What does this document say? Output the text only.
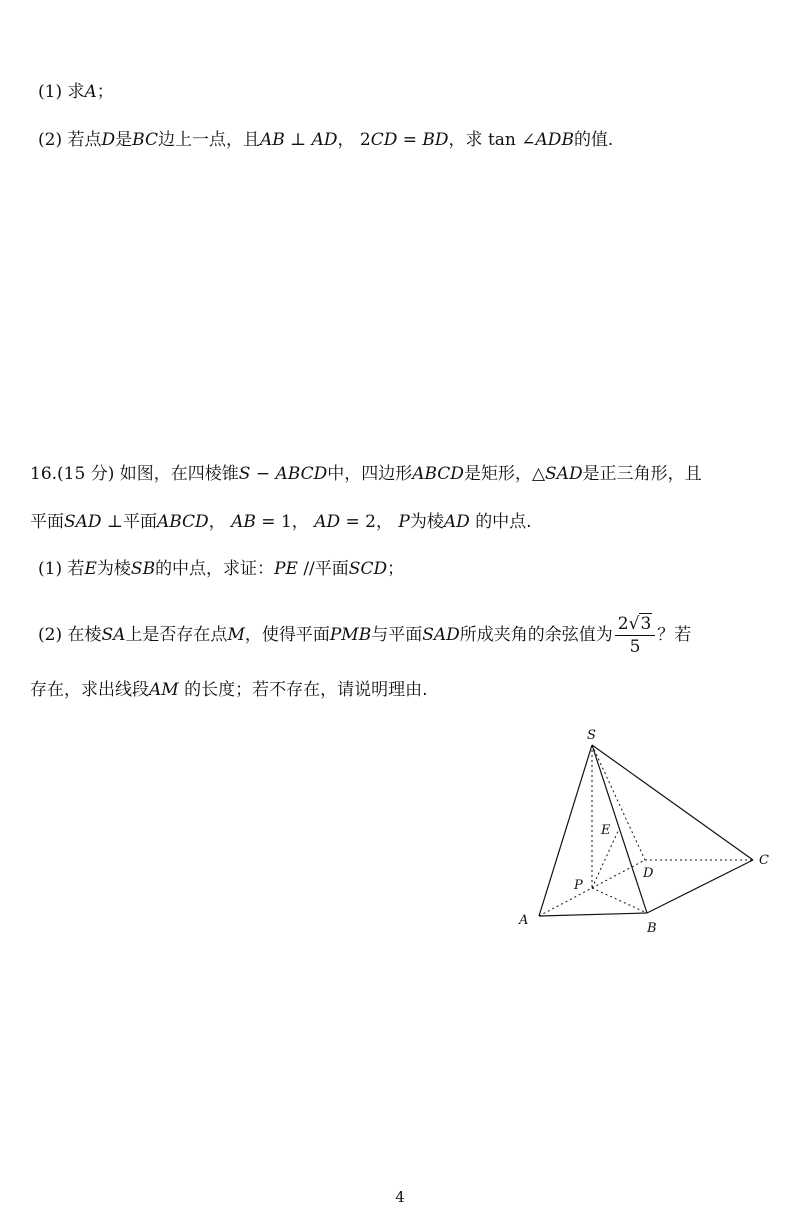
(1) 求A；
(2) 若点D是BC边上一点，且AB ⊥ AD， 2CD = BD，求 tan ∠ADB的值.
16.(15 分) 如图，在四棱锥S − ABCD中，四边形ABCD是矩形，△SAD是正三角形，且
平面SAD ⊥平面ABCD， AB = 1， AD = 2， P为棱AD 的中点.
(1) 若E为棱SB的中点，求证：PE //平面SCD；
(2) 在棱SA上是否存在点M，使得平面PMB与平面SAD所成夹角的余弦值为 $\frac{2√3}{5}$ ？若
存在，求出线段AM 的长度；若不存在，请说明理由.
S
E
C
D
P
A
B
4
